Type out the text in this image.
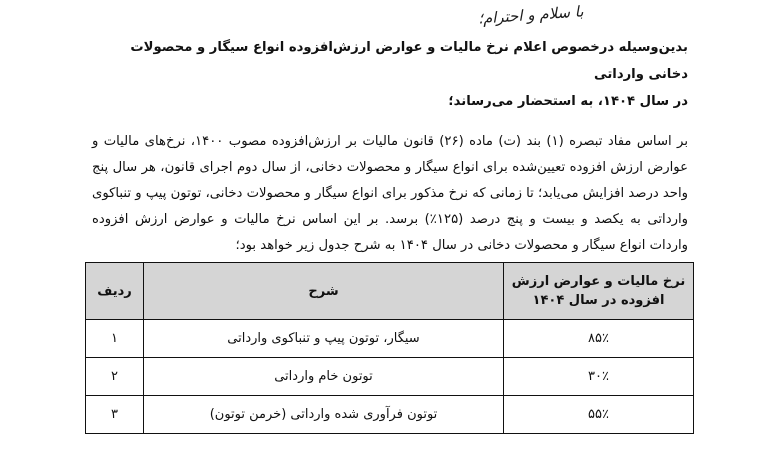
با سلام و احترام؛

بدین‌وسیله درخصوص اعلام نرخ مالیات و عوارض ارزش‌افزوده انواع سیگار و محصولات دخانی وارداتی
در سال ۱۴۰۴، به استحضار می‌رساند؛

بر اساس مفاد تبصره (۱) بند (ت) ماده (۲۶) قانون مالیات بر ارزش‌افزوده مصوب ۱۴۰۰، نرخ‌های مالیات و عوارض ارزش افزوده تعیین‌شده برای انواع سیگار و محصولات دخانی، از سال دوم اجرای قانون، هر سال پنج واحد درصد افزایش می‌یابد؛ تا زمانی که نرخ مذکور برای انواع سیگار و محصولات دخانی، توتون پیپ و تنباکوی وارداتی به یکصد و بیست و پنج درصد (۱۲۵٪) برسد. بر این اساس نرخ مالیات و عوارض ارزش افزوده واردات انواع سیگار و محصولات دخانی در سال ۱۴۰۴ به شرح جدول زیر خواهد بود؛

نرخ مالیات و عوارض ارزش افزوده در سال ۱۴۰۴	شرح	ردیف
۸۵٪	سیگار، توتون پیپ و تنباکوی وارداتی	۱
۳۰٪	توتون خام وارداتی	۲
۵۵٪	توتون فرآوری شده وارداتی (خرمن توتون)	۳
